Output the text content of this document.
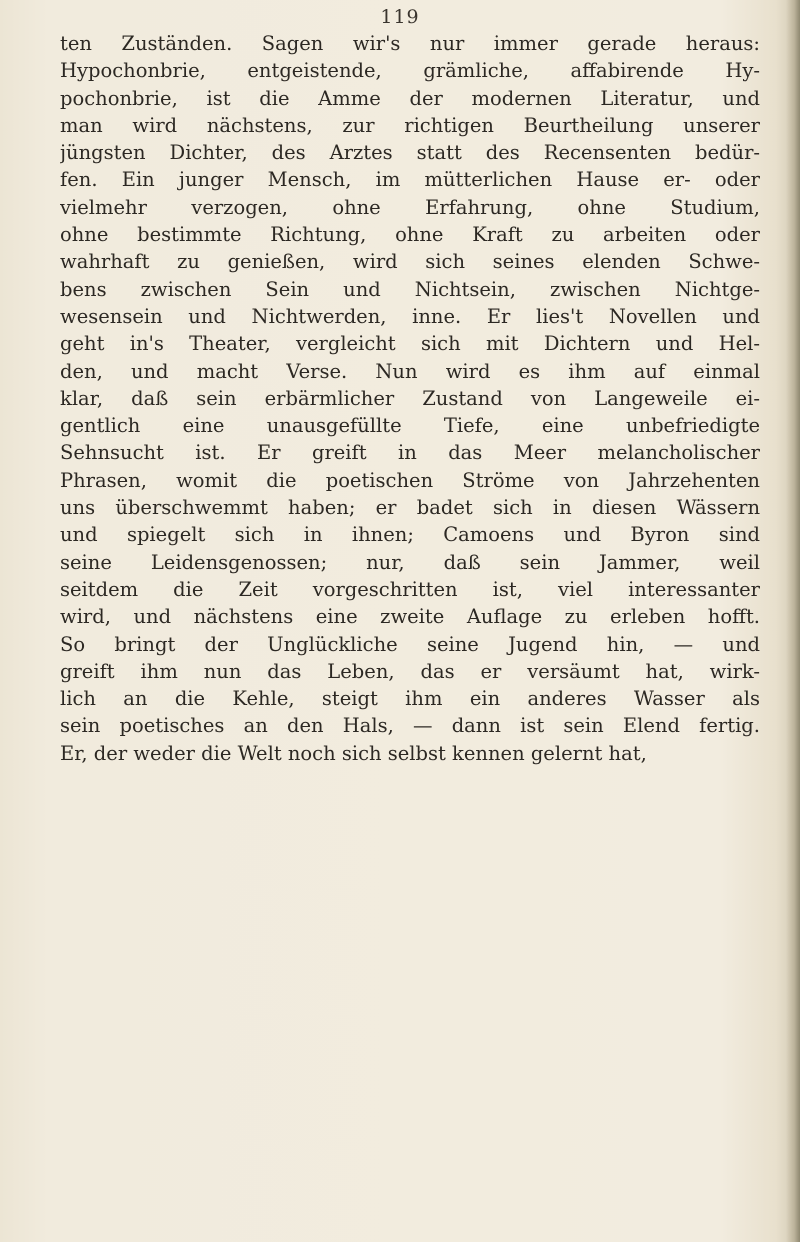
119
ten Zuständen. Sagen wir's nur immer gerade heraus:
Hypochonbrie, entgeistende, grämliche, affabirende Hy-
pochonbrie, ist die Amme der modernen Literatur, und
man wird nächstens, zur richtigen Beurtheilung unserer
jüngsten Dichter, des Arztes statt des Recensenten bedür-
fen. Ein junger Mensch, im mütterlichen Hause er- oder
vielmehr verzogen, ohne Erfahrung, ohne Studium,
ohne bestimmte Richtung, ohne Kraft zu arbeiten oder
wahrhaft zu genießen, wird sich seines elenden Schwe-
bens zwischen Sein und Nichtsein, zwischen Nichtge-
wesensein und Nichtwerden, inne. Er lies't Novellen und
geht in's Theater, vergleicht sich mit Dichtern und Hel-
den, und macht Verse. Nun wird es ihm auf einmal
klar, daß sein erbärmlicher Zustand von Langeweile ei-
gentlich eine unausgefüllte Tiefe, eine unbefriedigte
Sehnsucht ist. Er greift in das Meer melancholischer
Phrasen, womit die poetischen Ströme von Jahrzehenten
uns überschwemmt haben; er badet sich in diesen Wässern
und spiegelt sich in ihnen; Camoens und Byron sind
seine Leidensgenossen; nur, daß sein Jammer, weil
seitdem die Zeit vorgeschritten ist, viel interessanter
wird, und nächstens eine zweite Auflage zu erleben hofft.
So bringt der Unglückliche seine Jugend hin, — und
greift ihm nun das Leben, das er versäumt hat, wirk-
lich an die Kehle, steigt ihm ein anderes Wasser als
sein poetisches an den Hals, — dann ist sein Elend fertig.
Er, der weder die Welt noch sich selbst kennen gelernt hat,
